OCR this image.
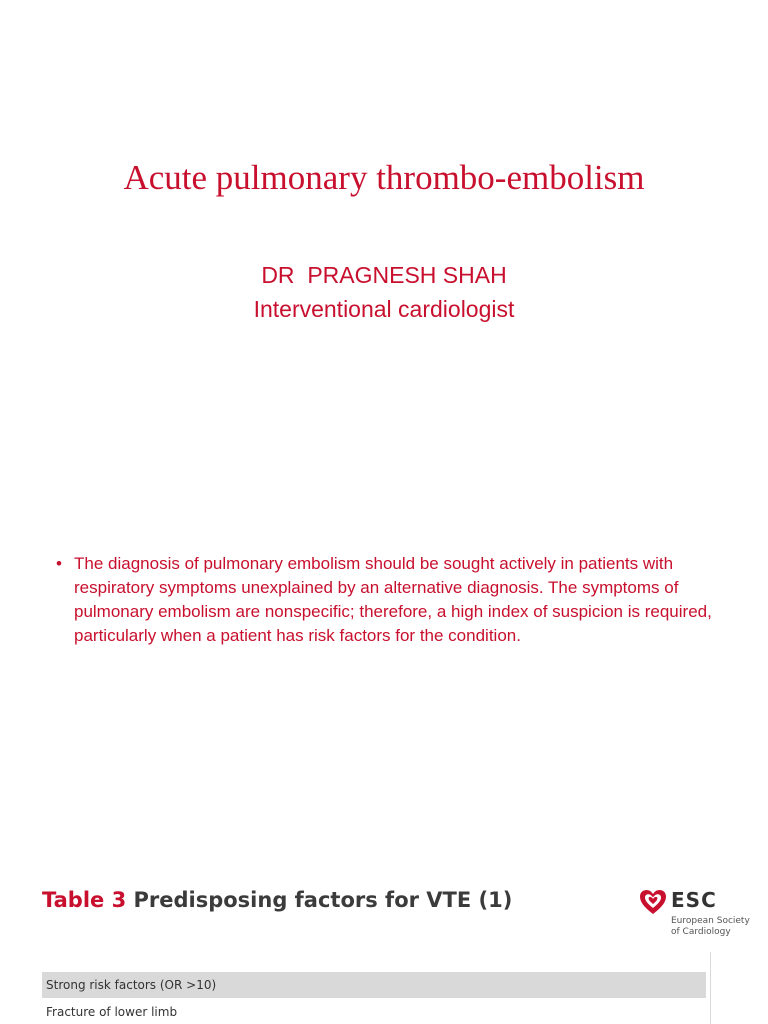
Acute pulmonary thrombo-embolism
DR  PRAGNESH SHAH
Interventional cardiologist
• The diagnosis of pulmonary embolism should be sought actively in patients with respiratory symptoms unexplained by an alternative diagnosis. The symptoms of pulmonary embolism are nonspecific; therefore, a high index of suspicion is required, particularly when a patient has risk factors for the condition.
Table 3 Predisposing factors for VTE (1)	ESC
European Society
of Cardiology
Strong risk factors (OR >10)
Fracture of lower limb
